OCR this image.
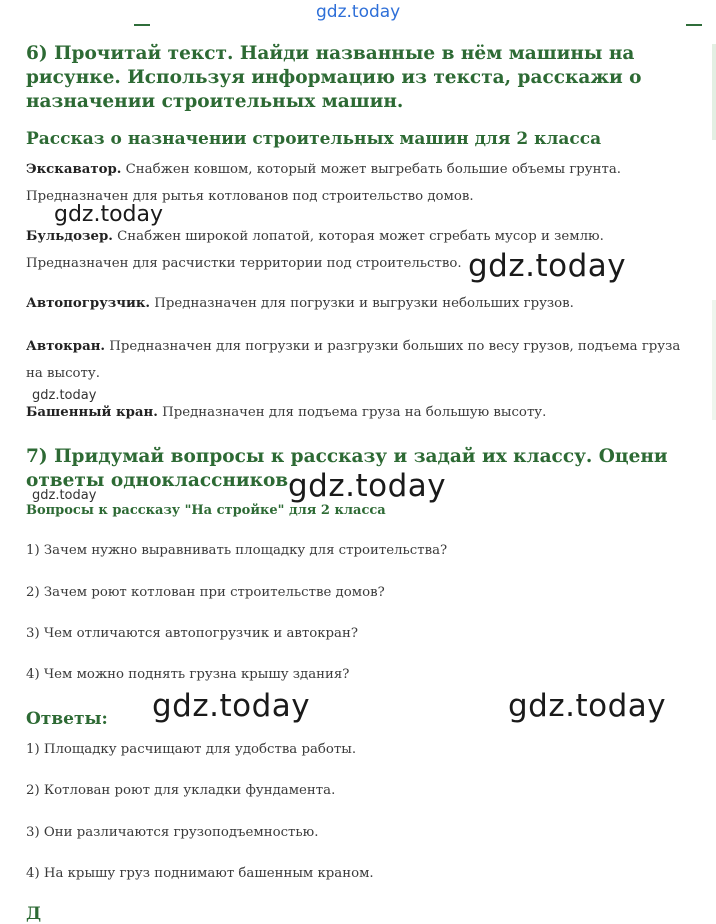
gdz.today
6) Прочитай текст. Найди названные в нём машины на рисунке. Используя информацию из текста, расскажи о назначении строительных машин.
Рассказ о назначении строительных машин для 2 класса
Экскаватор. Снабжен ковшом, который может выгребать большие объемы грунта. Предназначен для рытья котлованов под строительство домов.
Бульдозер. Снабжен широкой лопатой, которая может сгребать мусор и землю. Предназначен для расчистки территории под строительство.
Автопогрузчик. Предназначен для погрузки и выгрузки небольших грузов.
Автокран. Предназначен для погрузки и разгрузки больших по весу грузов, подъема груза на высоту.
Башенный кран. Предназначен для подъема груза на большую высоту.
7) Придумай вопросы к рассказу и задай их классу. Оцени ответы одноклассников.
Вопросы к рассказу "На стройке" для 2 класса
1) Зачем нужно выравнивать площадку для строительства?
2) Зачем роют котлован при строительстве домов?
3) Чем отличаются автопогрузчик и автокран?
4) Чем можно поднять грузна крышу здания?
Ответы:
1) Площадку расчищают для удобства работы.
2) Котлован роют для укладки фундамента.
3) Они различаются грузоподъемностью.
4) На крышу груз поднимают башенным краном.
Д
gdz.today
gdz.today
gdz.today
gdz.today	gdz.today
gdz.today	gdz.today
